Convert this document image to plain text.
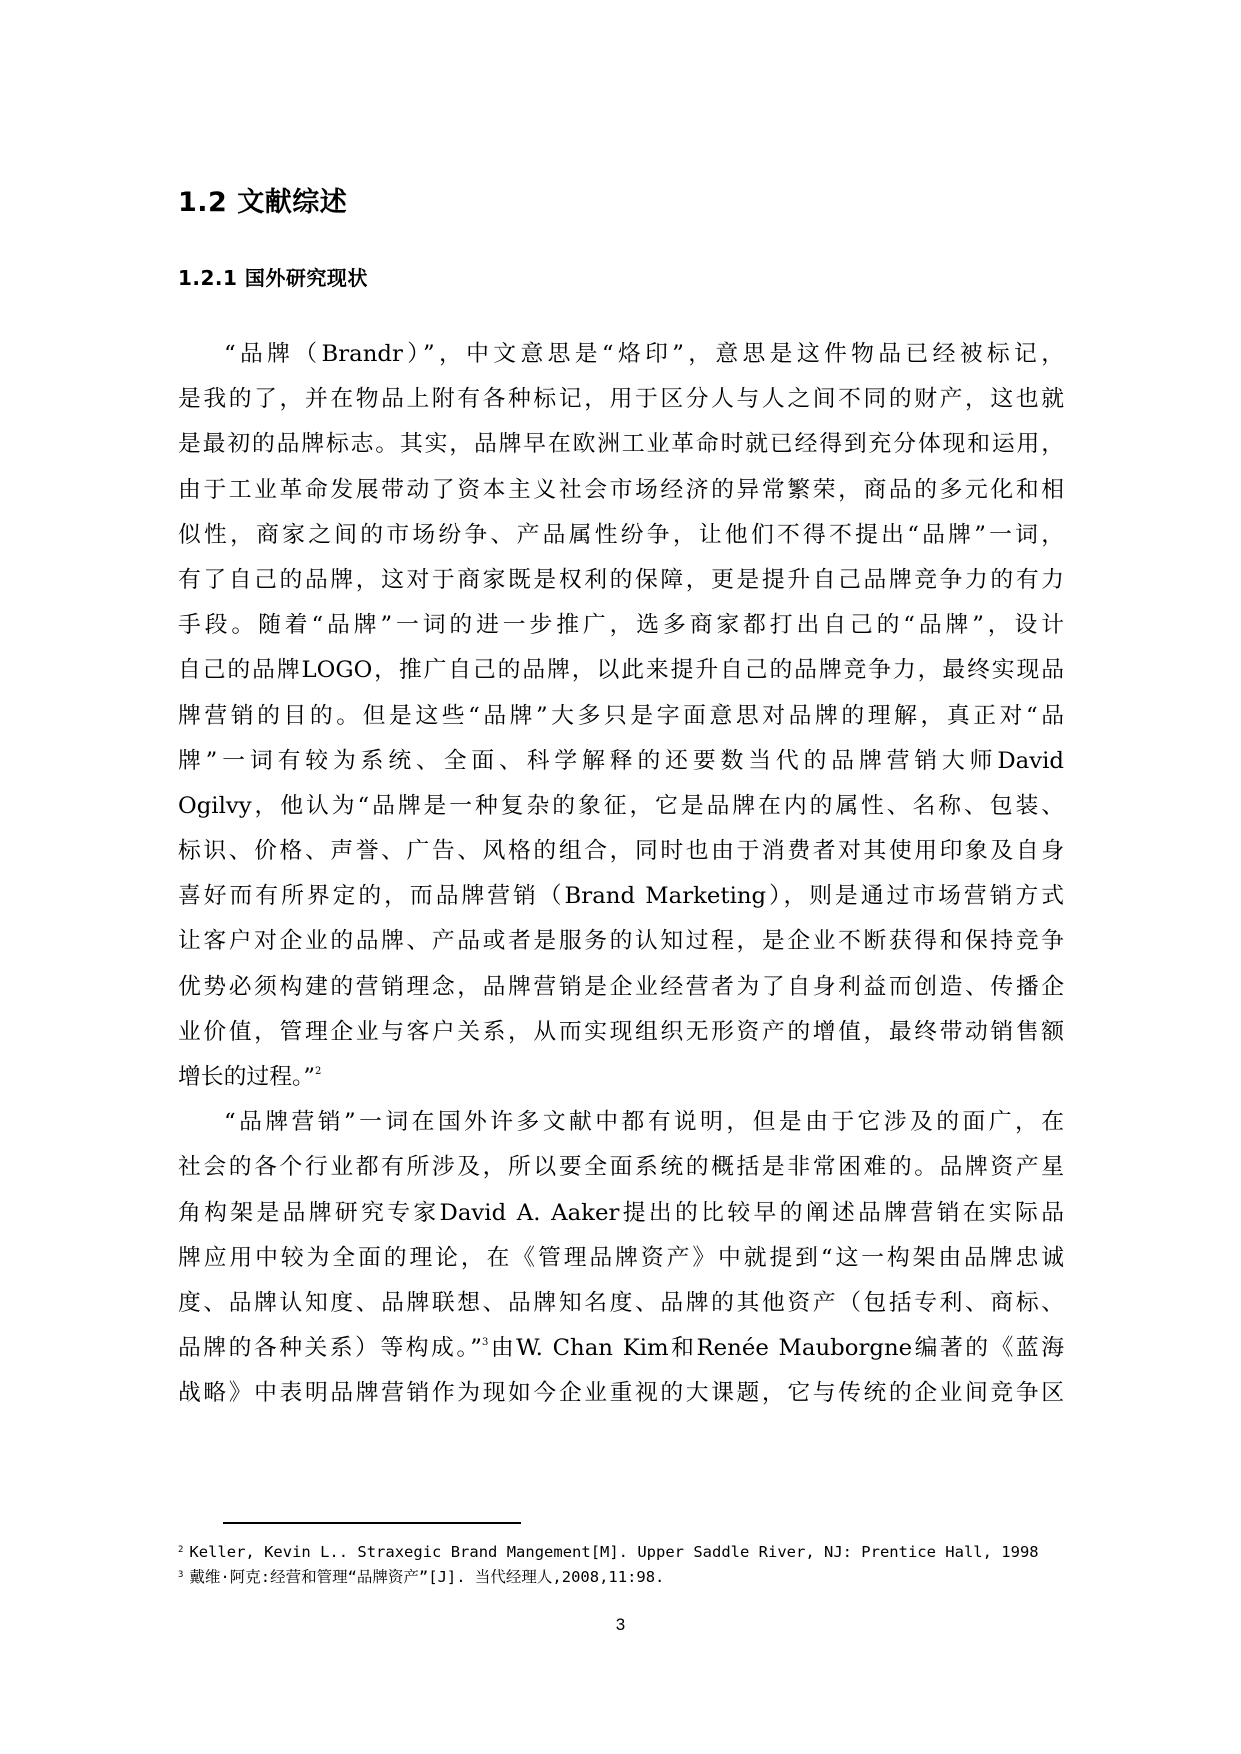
1.2 文献综述
1.2.1 国外研究现状
“品牌（Brandr）”，中文意思是“烙印”，意思是这件物品已经被标记，
是我的了，并在物品上附有各种标记，用于区分人与人之间不同的财产，这也就
是最初的品牌标志。其实，品牌早在欧洲工业革命时就已经得到充分体现和运用，
由于工业革命发展带动了资本主义社会市场经济的异常繁荣，商品的多元化和相
似性，商家之间的市场纷争、产品属性纷争，让他们不得不提出“品牌”一词，
有了自己的品牌，这对于商家既是权利的保障，更是提升自己品牌竞争力的有力
手段。随着“品牌”一词的进一步推广，选多商家都打出自己的“品牌”，设计
自己的品牌LOGO，推广自己的品牌，以此来提升自己的品牌竞争力，最终实现品
牌营销的目的。但是这些“品牌”大多只是字面意思对品牌的理解，真正对“品
牌”一词有较为系统、全面、科学解释的还要数当代的品牌营销大师David
Ogilvy，他认为“品牌是一种复杂的象征，它是品牌在内的属性、名称、包装、
标识、价格、声誉、广告、风格的组合，同时也由于消费者对其使用印象及自身
喜好而有所界定的，而品牌营销（Brand Marketing），则是通过市场营销方式
让客户对企业的品牌、产品或者是服务的认知过程，是企业不断获得和保持竞争
优势必须构建的营销理念，品牌营销是企业经营者为了自身利益而创造、传播企
业价值，管理企业与客户关系，从而实现组织无形资产的增值，最终带动销售额
增长的过程。”$^2$
“品牌营销”一词在国外许多文献中都有说明，但是由于它涉及的面广，在
社会的各个行业都有所涉及，所以要全面系统的概括是非常困难的。品牌资产星
角构架是品牌研究专家David A. Aaker提出的比较早的阐述品牌营销在实际品
牌应用中较为全面的理论，在《管理品牌资产》中就提到“这一构架由品牌忠诚
度、品牌认知度、品牌联想、品牌知名度、品牌的其他资产（包括专利、商标、
品牌的各种关系）等构成。”$^3$由W. Chan Kim和Renée Mauborgne编著的《蓝海
战略》中表明品牌营销作为现如今企业重视的大课题，它与传统的企业间竞争区
$^2$ Keller, Kevin L.. Straxegic Brand Mangement[M]. Upper Saddle River, NJ: Prentice Hall, 1998
$^3$ 戴维·阿克:经营和管理“品牌资产”[J]. 当代经理人,2008,11:98.
3
